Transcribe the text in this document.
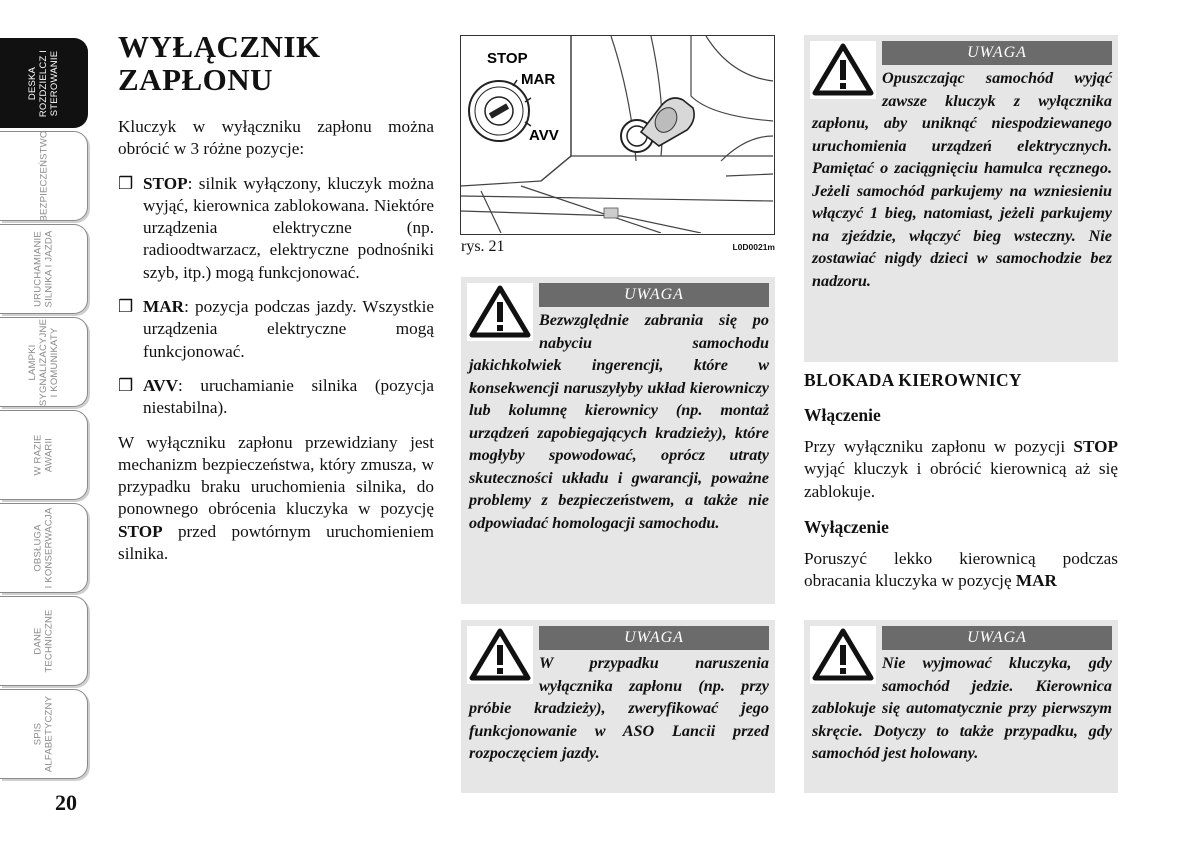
DESKA
ROZDZIELCZ I
STEROWANIE
BEZPIECZEŃSTWO
URUCHAMIANIE
SILNIKA I JAZDA
LAMPKI
SYGNALIZACYJNE
I KOMUNIKATY
W RAZIE
AWARII
OBSŁUGA
I KONSERWACJA
DANE
TECHNICZNE
SPIS
ALFABETYCZNY
20
WYŁĄCZNIK
ZAPŁONU

Kluczyk w wyłączniku zapłonu można obrócić w 3 różne pozycje:

❒ STOP: silnik wyłączony, kluczyk można wyjąć, kierownica zablokowana. Niektóre urządzenia elektryczne (np. radioodtwarzacz, elektryczne podnośniki szyb, itp.) mogą funkcjonować.
❒ MAR: pozycja podczas jazdy. Wszystkie urządzenia elektryczne mogą funkcjonować.
❒ AVV: uruchamianie silnika (pozycja niestabilna).

W wyłączniku zapłonu przewidziany jest mechanizm bezpieczeństwa, który zmusza, w przypadku braku uruchomienia silnika, do ponownego obrócenia kluczyka w pozycję STOP przed powtórnym uruchomieniem silnika.

STOP
MAR
AVV
rys. 21	L0D0021m
UWAGA

Bezwzględnie zabrania się po nabyciu samochodu jakichkolwiek ingerencji, które w konsekwencji naruszyłyby układ kierowniczy lub kolumnę kierownicy (np. montaż urządzeń zapobiegających kradzieży), które mogłyby spowodować, oprócz utraty skuteczności układu i gwarancji, poważne problemy z bezpieczeństwem, a także nie odpowiadać homologacji samochodu.

UWAGA

W przypadku naruszenia wyłącznika zapłonu (np. przy próbie kradzieży), zweryfikować jego funkcjonowanie w ASO Lancii przed rozpoczęciem jazdy.

UWAGA

Opuszczając samochód wyjąć zawsze kluczyk z wyłącznika zapłonu, aby uniknąć niespodziewanego uruchomienia urządzeń elektrycznych. Pamiętać o zaciągnięciu hamulca ręcznego. Jeżeli samochód parkujemy na wzniesieniu włączyć 1 bieg, natomiast, jeżeli parkujemy na zjeździe, włączyć bieg wsteczny. Nie zostawiać nigdy dzieci w samochodzie bez nadzoru.

UWAGA

Nie wyjmować kluczyka, gdy samochód jedzie. Kierownica zablokuje się automatycznie przy pierwszym skręcie. Dotyczy to także przypadku, gdy samochód jest holowany.

BLOKADA KIEROWNICY
Włączenie

Przy wyłączniku zapłonu w pozycji STOP wyjąć kluczyk i obrócić kierownicą aż się zablokuje.

Wyłączenie

Poruszyć lekko kierownicą podczas obracania kluczyka w pozycję MAR
